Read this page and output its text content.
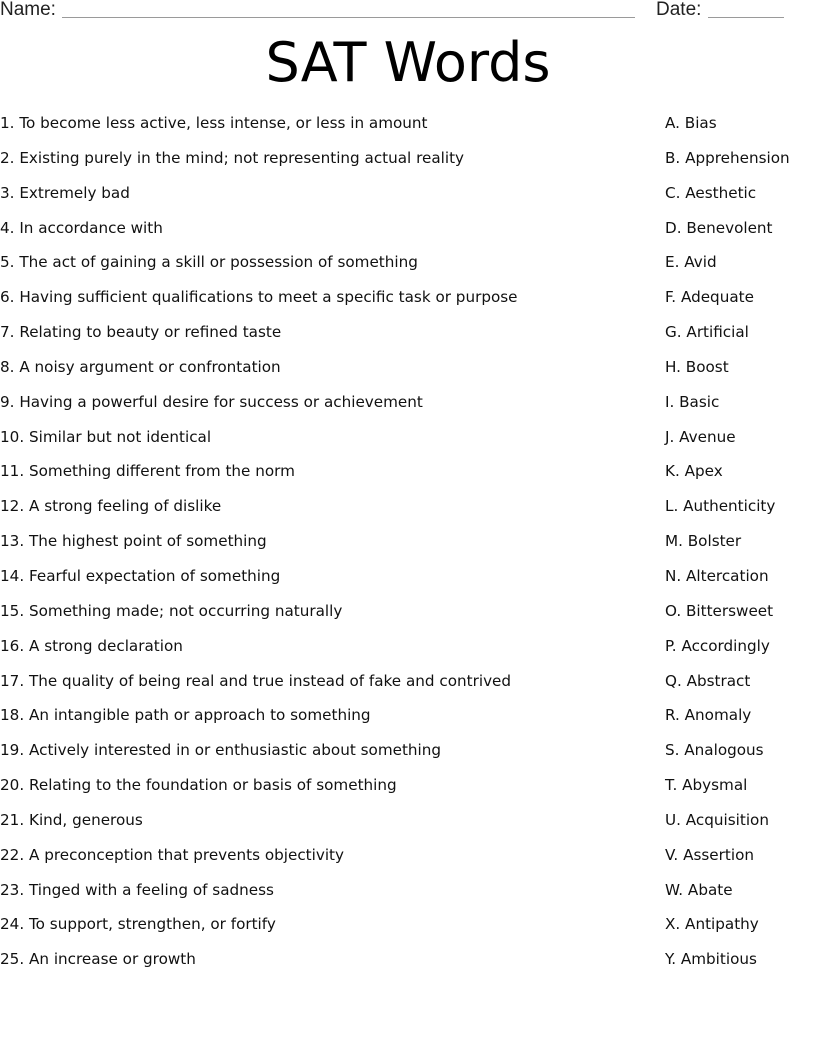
Name:	Date:
SAT Words
1. To become less active, less intense, or less in amount
2. Existing purely in the mind; not representing actual reality
3. Extremely bad
4. In accordance with
5. The act of gaining a skill or possession of something
6. Having sufficient qualifications to meet a specific task or purpose
7. Relating to beauty or refined taste
8. A noisy argument or confrontation
9. Having a powerful desire for success or achievement
10. Similar but not identical
11. Something different from the norm
12. A strong feeling of dislike
13. The highest point of something
14. Fearful expectation of something
15. Something made; not occurring naturally
16. A strong declaration
17. The quality of being real and true instead of fake and contrived
18. An intangible path or approach to something
19. Actively interested in or enthusiastic about something
20. Relating to the foundation or basis of something
21. Kind, generous
22. A preconception that prevents objectivity
23. Tinged with a feeling of sadness
24. To support, strengthen, or fortify
25. An increase or growth
A. Bias
B. Apprehension
C. Aesthetic
D. Benevolent
E. Avid
F. Adequate
G. Artificial
H. Boost
I. Basic
J. Avenue
K. Apex
L. Authenticity
M. Bolster
N. Altercation
O. Bittersweet
P. Accordingly
Q. Abstract
R. Anomaly
S. Analogous
T. Abysmal
U. Acquisition
V. Assertion
W. Abate
X. Antipathy
Y. Ambitious
